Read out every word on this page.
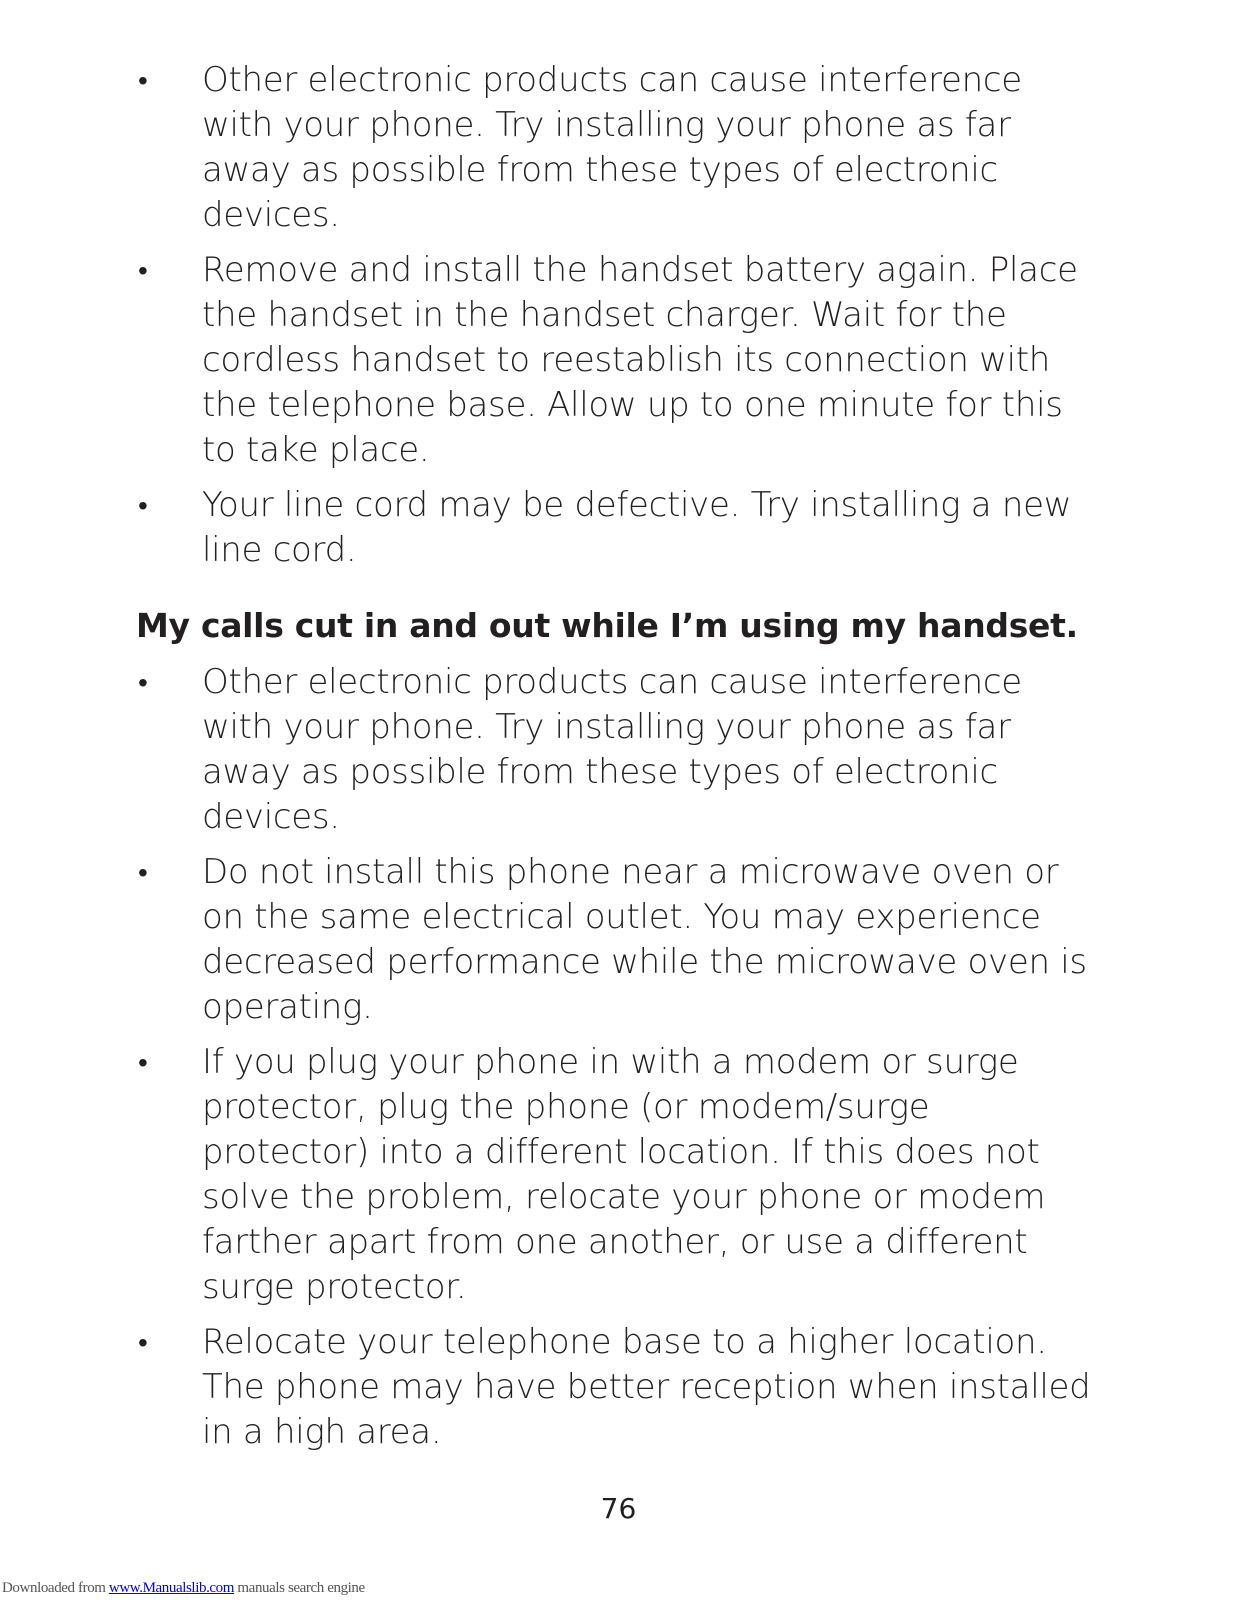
• Other electronic products can cause interference with your phone. Try installing your phone as far away as possible from these types of electronic devices.
• Remove and install the handset battery again. Place the handset in the handset charger. Wait for the cordless handset to reestablish its connection with the telephone base. Allow up to one minute for this to take place.
• Your line cord may be defective. Try installing a new line cord.
My calls cut in and out while I’m using my handset.
• Other electronic products can cause interference with your phone. Try installing your phone as far away as possible from these types of electronic devices.
• Do not install this phone near a microwave oven or on the same electrical outlet. You may experience decreased performance while the microwave oven is operating.
• If you plug your phone in with a modem or surge protector, plug the phone (or modem/surge protector) into a different location. If this does not solve the problem, relocate your phone or modem farther apart from one another, or use a different surge protector.
• Relocate your telephone base to a higher location. The phone may have better reception when installed in a high area.
76
Downloaded from www.Manualslib.com manuals search engine
